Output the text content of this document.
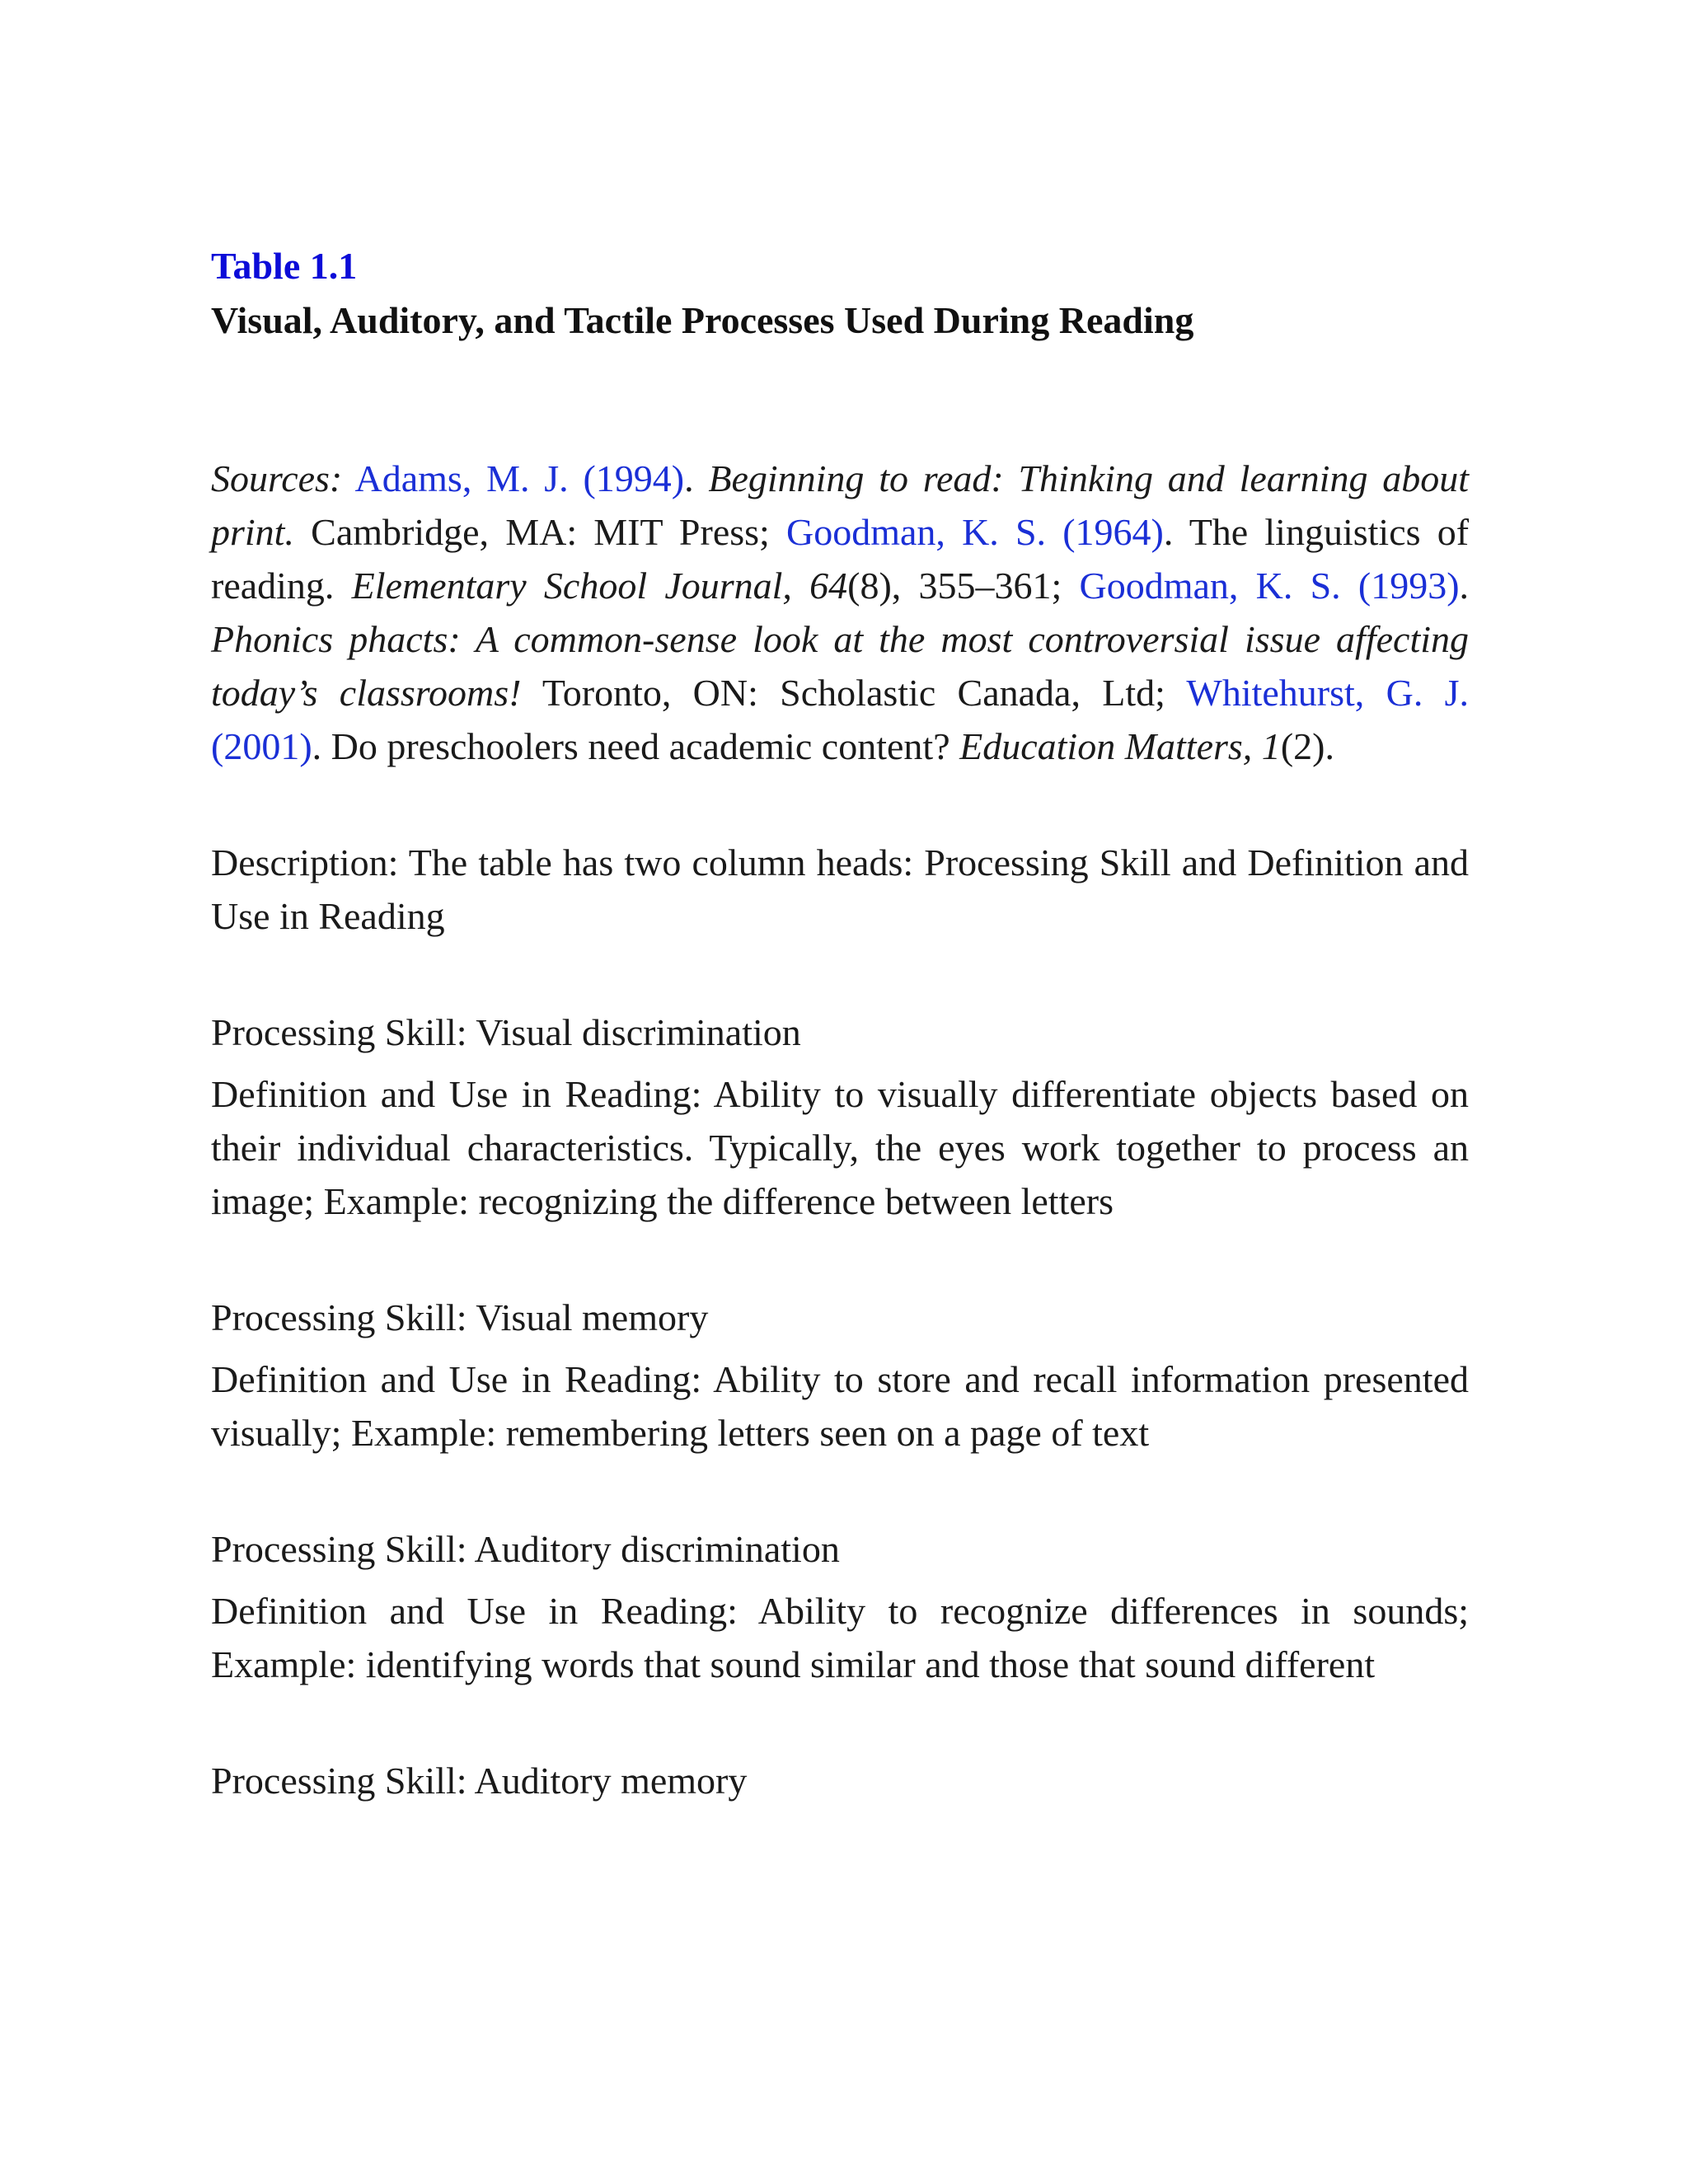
Table 1.1
Visual, Auditory, and Tactile Processes Used During Reading

Sources: Adams, M. J. (1994). Beginning to read: Thinking and learning about print. Cambridge, MA: MIT Press; Goodman, K. S. (1964). The linguistics of reading. Elementary School Journal, 64(8), 355–361; Goodman, K. S. (1993). Phonics phacts: A common-sense look at the most controversial issue affecting today’s classrooms! Toronto, ON: Scholastic Canada, Ltd; Whitehurst, G. J. (2001). Do preschoolers need academic content? Education Matters, 1(2).

Description: The table has two column heads: Processing Skill and Definition and Use in Reading

Processing Skill: Visual discrimination

Definition and Use in Reading: Ability to visually differentiate objects based on their individual characteristics. Typically, the eyes work together to process an image; Example: recognizing the difference between letters

Processing Skill: Visual memory

Definition and Use in Reading: Ability to store and recall information presented visually; Example: remembering letters seen on a page of text

Processing Skill: Auditory discrimination

Definition and Use in Reading: Ability to recognize differences in sounds; Example: identifying words that sound similar and those that sound different

Processing Skill: Auditory memory
